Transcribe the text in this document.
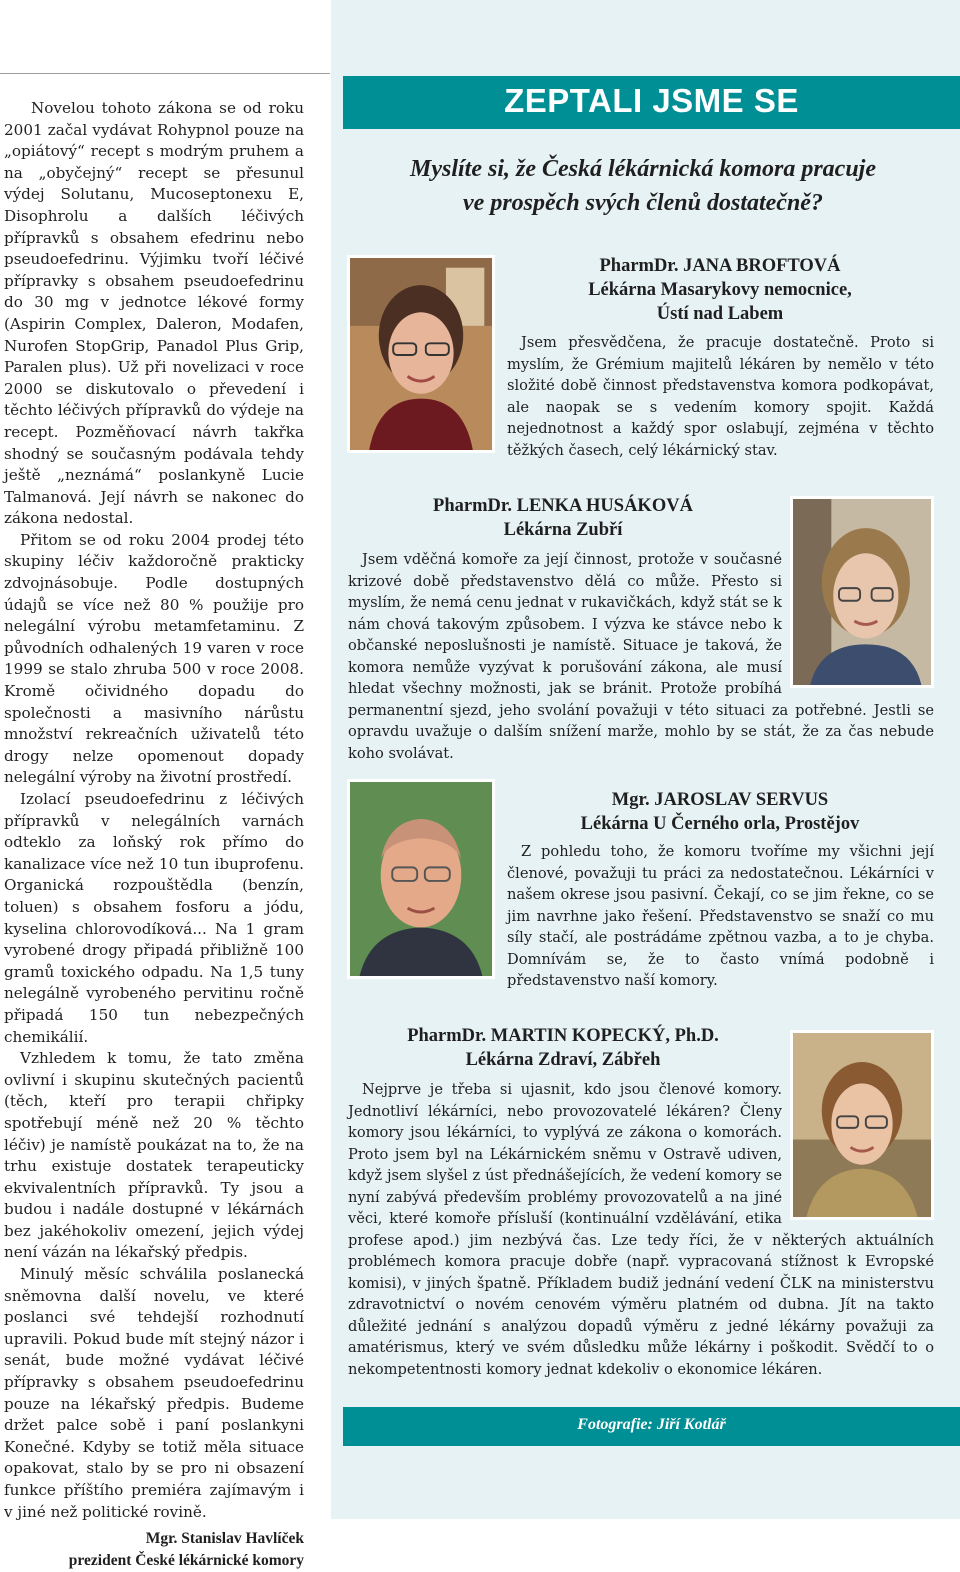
Novelou tohoto zákona se od roku 2001 začal vydávat Rohypnol pouze na „opiátový“ recept s modrým pruhem a na „obyčejný“ recept se přesunul výdej Solutanu, Mucoseptonexu E, Disophrolu a dalších léčivých přípravků s obsahem efedrinu nebo pseudoefedrinu. Výjimku tvoří léčivé přípravky s obsahem pseudoefedrinu do 30 mg v jednotce lékové formy (Aspirin Complex, Daleron, Modafen, Nurofen StopGrip, Panadol Plus Grip, Paralen plus). Už při novelizaci v roce 2000 se diskutovalo o převedení i těchto léčivých přípravků do výdeje na recept. Pozměňovací návrh takřka shodný se současným podávala tehdy ještě „neznámá“ poslankyně Lucie Talmanová. Její návrh se nakonec do zákona nedostal.

Přitom se od roku 2004 prodej této skupiny léčiv každoročně prakticky zdvojnásobuje. Podle dostupných údajů se více než 80 % použije pro nelegální výrobu metamfetaminu. Z původních odhalených 19 varen v roce 1999 se stalo zhruba 500 v roce 2008. Kromě očividného dopadu do společnosti a masivního nárůstu množství rekreačních uživatelů této drogy nelze opomenout dopady nelegální výroby na životní prostředí.

Izolací pseudoefedrinu z léčivých přípravků v nelegálních varnách odteklo za loňský rok přímo do kanalizace více než 10 tun ibuprofenu. Organická rozpouštědla (benzín, toluen) s obsahem fosforu a jódu, kyselina chlorovodíková... Na 1 gram vyrobené drogy připadá přibližně 100 gramů toxického odpadu. Na 1,5 tuny nelegálně vyrobeného pervitinu ročně připadá 150 tun nebezpečných chemikálií.

Vzhledem k tomu, že tato změna ovlivní i skupinu skutečných pacientů (těch, kteří pro terapii chřipky spotřebují méně než 20 % těchto léčiv) je namístě poukázat na to, že na trhu existuje dostatek terapeuticky ekvivalentních přípravků. Ty jsou a budou i nadále dostupné v lékárnách bez jakéhokoliv omezení, jejich výdej není vázán na lékařský předpis.

Minulý měsíc schválila poslanecká sněmovna další novelu, ve které poslanci své tehdejší rozhodnutí upravili. Pokud bude mít stejný názor i senát, bude možné vydávat léčivé přípravky s obsahem pseudoefedrinu pouze na lékařský předpis. Budeme držet palce sobě i paní poslankyni Konečné. Kdyby se totiž měla situace opakovat, stalo by se pro ni obsazení funkce příštího premiéra zajímavým i v jiné než politické rovině.

Mgr. Stanislav Havlíček
prezident České lékárnické komory
ZEPTALI JSME SE
Myslíte si, že Česká lékárnická komora pracuje
ve prospěch svých členů dostatečně?
PharmDr. JANA BROFTOVÁ
Lékárna Masarykovy nemocnice,
Ústí nad Labem

Jsem přesvědčena, že pracuje dostatečně. Proto si myslím, že Grémium majitelů lékáren by nemělo v této složité době činnost představenstva komora podkopávat, ale naopak se s vedením komory spojit. Každá nejednotnost a každý spor oslabují, zejména v těchto těžkých časech, celý lékárnický stav.

PharmDr. LENKA HUSÁKOVÁ
Lékárna Zubří

Jsem vděčná komoře za její činnost, protože v současné krizové době představenstvo dělá co může. Přesto si myslím, že nemá cenu jednat v rukavičkách, když stát se k nám chová takovým způsobem. I výzva ke stávce nebo k občanské neposlušnosti je namístě. Situace je taková, že komora nemůže vyzývat k porušování zákona, ale musí hledat všechny možnosti, jak se bránit. Protože probíhá permanentní sjezd, jeho svolání považuji v této situaci za potřebné. Jestli se opravdu uvažuje o dalším snížení marže, mohlo by se stát, že za čas nebude koho svolávat.

Mgr. JAROSLAV SERVUS
Lékárna U Černého orla, Prostějov

Z pohledu toho, že komoru tvoříme my všichni její členové, považuji tu práci za nedostatečnou. Lékárníci v našem okrese jsou pasivní. Čekají, co se jim řekne, co se jim navrhne jako řešení. Představenstvo se snaží co mu síly stačí, ale postrádáme zpětnou vazba, a to je chyba. Domnívám se, že to často vnímá podobně i představenstvo naší komory.

PharmDr. MARTIN KOPECKÝ, Ph.D.
Lékárna Zdraví, Zábřeh

Nejprve je třeba si ujasnit, kdo jsou členové komory. Jednotliví lékárníci, nebo provozovatelé lékáren? Členy komory jsou lékárníci, to vyplývá ze zákona o komorách. Proto jsem byl na Lékárnickém sněmu v Ostravě udiven, když jsem slyšel z úst přednášejících, že vedení komory se nyní zabývá především problémy provozovatelů a na jiné věci, které komoře přísluší (kontinuální vzdělávání, etika profese apod.) jim nezbývá čas. Lze tedy říci, že v některých aktuálních problémech komora pracuje dobře (např. vypracovaná stížnost k Evropské komisi), v jiných špatně. Příkladem budiž jednání vedení ČLK na ministerstvu zdravotnictví o novém cenovém výměru platném od dubna. Jít na takto důležité jednání s analýzou dopadů výměru z jedné lékárny považuji za amatérismus, který ve svém důsledku může lékárny i poškodit. Svědčí to o nekompetentnosti komory jednat kdekoliv o ekonomice lékáren.

Fotografie: Jiří Kotlář
